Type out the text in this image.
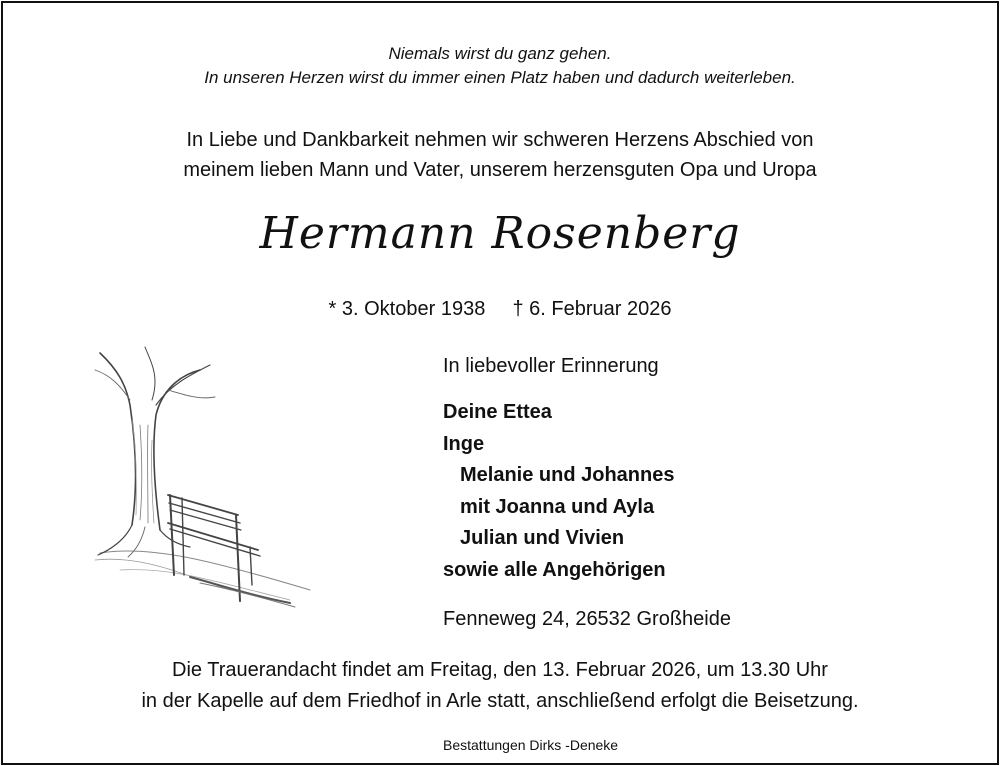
Niemals wirst du ganz gehen.
In unseren Herzen wirst du immer einen Platz haben und dadurch weiterleben.
In Liebe und Dankbarkeit nehmen wir schweren Herzens Abschied von
meinem lieben Mann und Vater, unserem herzensguten Opa und Uropa
Hermann Rosenberg
* 3. Oktober 1938 † 6. Februar 2026
In liebevoller Erinnerung
Deine Ettea
Inge
Melanie und Johannes
mit Joanna und Ayla
Julian und Vivien
sowie alle Angehörigen
Fenneweg 24, 26532 Großheide
Die Trauerandacht findet am Freitag, den 13. Februar 2026, um 13.30 Uhr
in der Kapelle auf dem Friedhof in Arle statt, anschließend erfolgt die Beisetzung.
Bestattungen Dirks -Deneke
